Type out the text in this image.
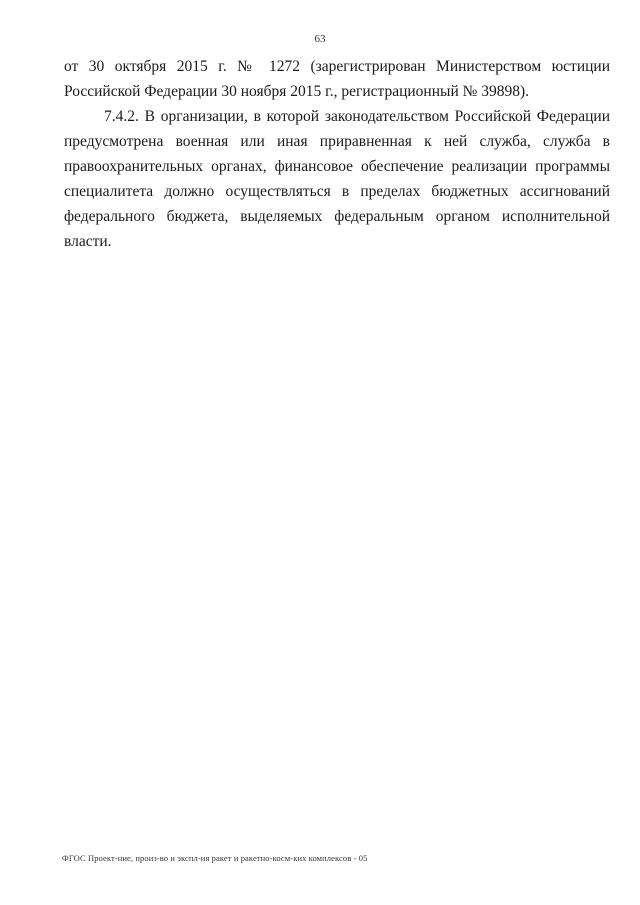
63

от 30 октября 2015 г. № 1272 (зарегистрирован Министерством юстиции Российской Федерации 30 ноября 2015 г., регистрационный № 39898).

7.4.2. В организации, в которой законодательством Российской Федерации предусмотрена военная или иная приравненная к ней служба, служба в правоохранительных органах, финансовое обеспечение реализации программы специалитета должно осуществляться в пределах бюджетных ассигнований федерального бюджета, выделяемых федеральным органом исполнительной власти.

ФГОС Проект-ние, произ-во и экспл-ия ракет и ракетно-косм-ких комплексов - 05
